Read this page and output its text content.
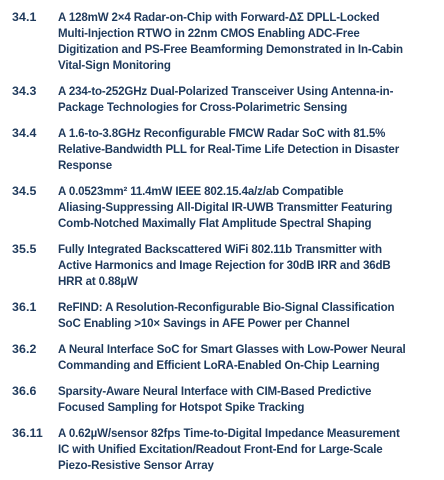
34.1	A 128mW 2×4 Radar-on-Chip with Forward-ΔΣ DPLL-Locked
Multi-Injection RTWO in 22nm CMOS Enabling ADC-Free
Digitization and PS-Free Beamforming Demonstrated in In-Cabin
Vital-Sign Monitoring
34.3	A 234-to-252GHz Dual-Polarized Transceiver Using Antenna-in-
Package Technologies for Cross-Polarimetric Sensing
34.4	A 1.6-to-3.8GHz Reconfigurable FMCW Radar SoC with 81.5%
Relative-Bandwidth PLL for Real-Time Life Detection in Disaster
Response
34.5	A 0.0523mm² 11.4mW IEEE 802.15.4a/z/ab Compatible
Aliasing-Suppressing All-Digital IR-UWB Transmitter Featuring
Comb-Notched Maximally Flat Amplitude Spectral Shaping
35.5	Fully Integrated Backscattered WiFi 802.11b Transmitter with
Active Harmonics and Image Rejection for 30dB IRR and 36dB
HRR at 0.88µW
36.1	ReFIND: A Resolution-Reconfigurable Bio-Signal Classification
SoC Enabling >10× Savings in AFE Power per Channel
36.2	A Neural Interface SoC for Smart Glasses with Low-Power Neural
Commanding and Efficient LoRA-Enabled On-Chip Learning
36.6	Sparsity-Aware Neural Interface with CIM-Based Predictive
Focused Sampling for Hotspot Spike Tracking
36.11	A 0.62µW/sensor 82fps Time-to-Digital Impedance Measurement
IC with Unified Excitation/Readout Front-End for Large-Scale
Piezo-Resistive Sensor Array
